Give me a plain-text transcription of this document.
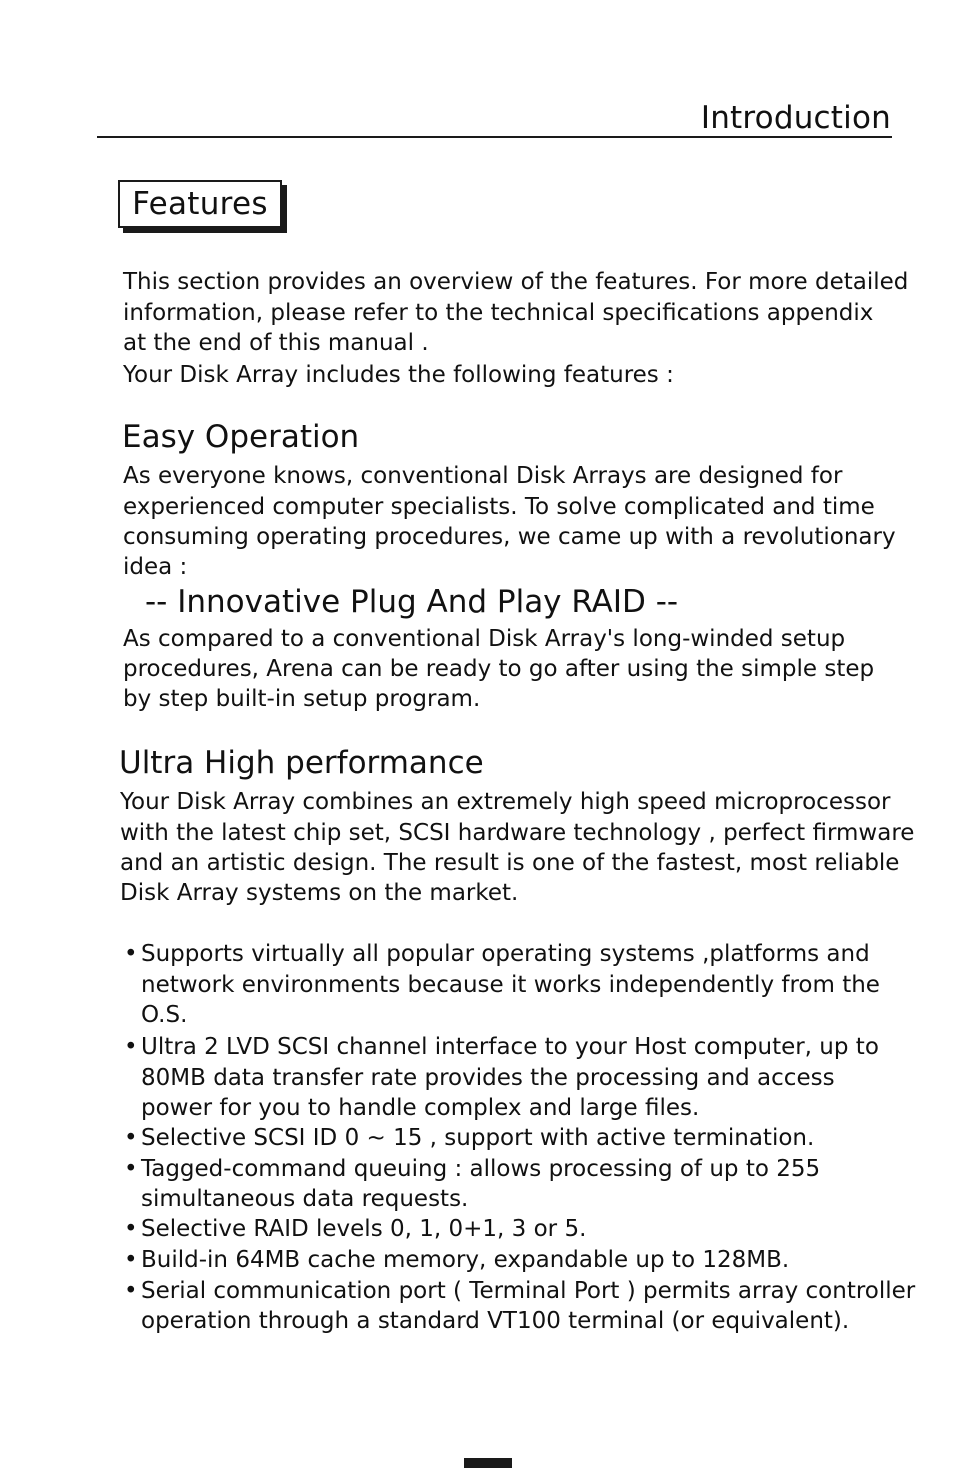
Introduction
Features
This section provides an overview of the features. For more detailed
information, please refer to the technical specifications appendix
at the end of this manual .
Your Disk Array includes the following features :
Easy Operation
As everyone knows, conventional Disk Arrays are designed for
experienced computer specialists. To solve complicated and time
consuming operating procedures, we came up with a revolutionary
idea :
-- Innovative Plug And Play RAID --
As compared to a conventional Disk Array's long-winded setup
procedures, Arena can be ready to go after using the simple step
by step built-in setup program.
Ultra High performance
Your Disk Array combines an extremely high speed microprocessor
with the latest chip set, SCSI hardware technology , perfect firmware
and an artistic design. The result is one of the fastest, most reliable
Disk Array systems on the market.
• Supports virtually all popular operating systems ,platforms and
network environments because it works independently from the
O.S.
• Ultra 2 LVD SCSI channel interface to your Host computer, up to
80MB data transfer rate provides the processing and access
power for you to handle complex and large files.
• Selective SCSI ID 0 ~ 15 , support with active termination.
• Tagged-command queuing : allows processing of up to 255
simultaneous data requests.
• Selective RAID levels 0, 1, 0+1, 3 or 5.
• Build-in 64MB cache memory, expandable up to 128MB.
• Serial communication port ( Terminal Port ) permits array controller
operation through a standard VT100 terminal (or equivalent).
